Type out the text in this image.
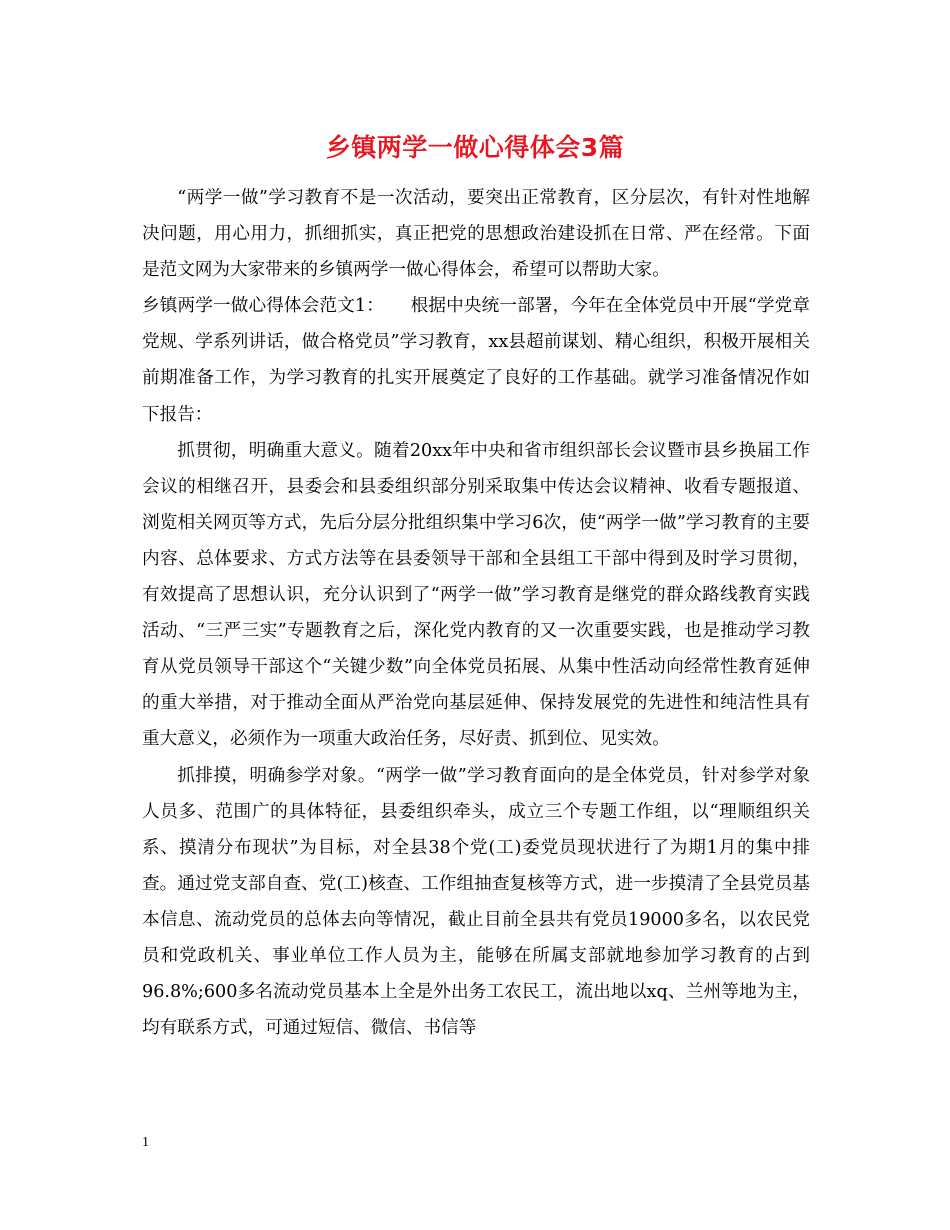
乡镇两学一做心得体会3篇

“两学一做”学习教育不是一次活动，要突出正常教育，区分层次，有针对性地解决问题，用心用力，抓细抓实，真正把党的思想政治建设抓在日常、严在经常。下面是范文网为大家带来的乡镇两学一做心得体会，希望可以帮助大家。

乡镇两学一做心得体会范文1：　　根据中央统一部署，今年在全体党员中开展“学党章党规、学系列讲话，做合格党员”学习教育，xx县超前谋划、精心组织，积极开展相关前期准备工作，为学习教育的扎实开展奠定了良好的工作基础。就学习准备情况作如下报告：

抓贯彻，明确重大意义。随着20xx年中央和省市组织部长会议暨市县乡换届工作会议的相继召开，县委会和县委组织部分别采取集中传达会议精神、收看专题报道、浏览相关网页等方式，先后分层分批组织集中学习6次，使“两学一做”学习教育的主要内容、总体要求、方式方法等在县委领导干部和全县组工干部中得到及时学习贯彻，有效提高了思想认识，充分认识到了“两学一做”学习教育是继党的群众路线教育实践活动、“三严三实”专题教育之后，深化党内教育的又一次重要实践，也是推动学习教育从党员领导干部这个“关键少数”向全体党员拓展、从集中性活动向经常性教育延伸的重大举措，对于推动全面从严治党向基层延伸、保持发展党的先进性和纯洁性具有重大意义，必须作为一项重大政治任务，尽好责、抓到位、见实效。

抓排摸，明确参学对象。“两学一做”学习教育面向的是全体党员，针对参学对象人员多、范围广的具体特征，县委组织牵头，成立三个专题工作组，以“理顺组织关系、摸清分布现状”为目标，对全县38个党(工)委党员现状进行了为期1月的集中排查。通过党支部自查、党(工)核查、工作组抽查复核等方式，进一步摸清了全县党员基本信息、流动党员的总体去向等情况，截止目前全县共有党员19000多名，以农民党员和党政机关、事业单位工作人员为主，能够在所属支部就地参加学习教育的占到 96.8%;600多名流动党员基本上全是外出务工农民工，流出地以xq、兰州等地为主，均有联系方式，可通过短信、微信、书信等

1
